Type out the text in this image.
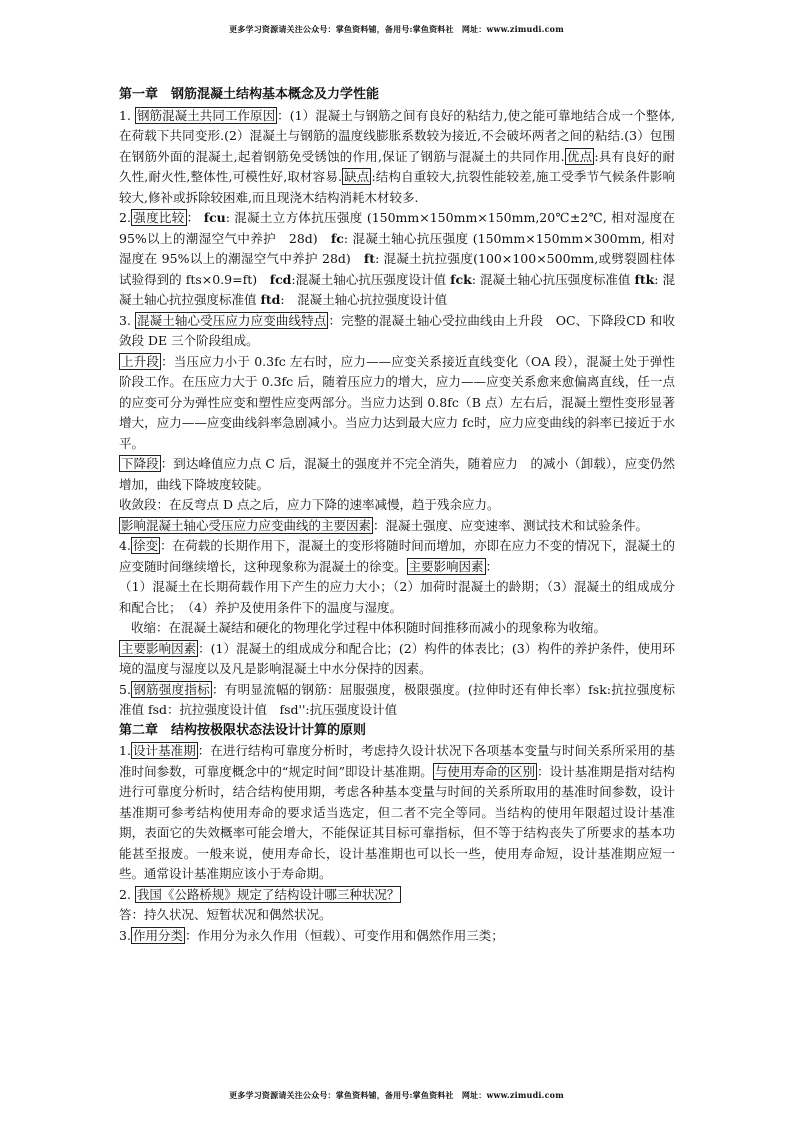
更多学习资源请关注公众号：掌鱼资料铺，备用号:掌鱼资料社　网址：www.zimudi.com

第一章　钢筋混凝土结构基本概念及力学性能

1. 钢筋混凝土共同工作原因 ：(1）混凝土与钢筋之间有良好的粘结力,使之能可靠地结合成一个整体,在荷载下共同变形.(2）混凝土与钢筋的温度线膨胀系数较为接近,不会破坏两者之间的粘结.(3）包围在钢筋外面的混凝土,起着钢筋免受锈蚀的作用,保证了钢筋与混凝土的共同作用. 优点 :具有良好的耐久性,耐火性,整体性,可模性好,取材容易. 缺点 :结构自重较大,抗裂性能较差,施工受季节气候条件影响较大,修补或拆除较困难,而且现浇木结构消耗木材较多.

2. 强度比较 ： fcu: 混凝土立方体抗压强度 (150mm×150mm×150mm,20℃±2℃, 相对湿度在95%以上的潮湿空气中养护　28d)　fc: 混凝土轴心抗压强度 (150mm×150mm×300mm, 相对湿度在 95%以上的潮湿空气中养护 28d)　ft: 混凝土抗拉强度(100×100×500mm,或劈裂圆柱体试验得到的 fts×0.9=ft)　fcd:混凝土轴心抗压强度设计值 fck: 混凝土轴心抗压强度标准值 ftk: 混凝土轴心抗拉强度标准值 ftd:　混凝土轴心抗拉强度设计值

3. 混凝土轴心受压应力应变曲线特点 ：完整的混凝土轴心受拉曲线由上升段　OC、下降段CD 和收敛段 DE 三个阶段组成。

上升段 ：当压应力小于 0.3fc 左右时，应力——应变关系接近直线变化（OA 段），混凝土处于弹性阶段工作。在压应力大于 0.3fc 后，随着压应力的增大，应力——应变关系愈来愈偏离直线，任一点的应变可分为弹性应变和塑性应变两部分。当应力达到 0.8fc（B 点）左右后，混凝土塑性变形显著增大，应力——应变曲线斜率急剧减小。当应力达到最大应力 fc时，应力应变曲线的斜率已接近于水平。

下降段 ：到达峰值应力点 C 后，混凝土的强度并不完全消失，随着应力　的减小（卸载），应变仍然增加，曲线下降坡度较陡。

收敛段：在反弯点 D 点之后，应力下降的速率减慢，趋于残余应力。

影响混凝土轴心受压应力应变曲线的主要因素 ：混凝土强度、应变速率、测试技术和试验条件。

4. 徐变 ：在荷载的长期作用下，混凝土的变形将随时间而增加，亦即在应力不变的情况下，混凝土的应变随时间继续增长，这种现象称为混凝土的徐变。 主要影响因素 ：

（1）混凝土在长期荷载作用下产生的应力大小；（2）加荷时混凝土的龄期；（3）混凝土的组成成分和配合比；　（4）养护及使用条件下的温度与湿度。

收缩：在混凝土凝结和硬化的物理化学过程中体积随时间推移而减小的现象称为收缩。

主要影响因素 ：(1）混凝土的组成成分和配合比；(2）构件的体表比；(3）构件的养护条件，使用环境的温度与湿度以及凡是影响混凝土中水分保持的因素。

5. 钢筋强度指标 ：有明显流幅的钢筋：屈服强度，极限强度。(拉伸时还有伸长率）fsk:抗拉强度标准值 fsd：抗拉强度设计值　fsd'':抗压强度设计值

第二章　结构按极限状态法设计计算的原则

1. 设计基准期 ：在进行结构可靠度分析时，考虑持久设计状况下各项基本变量与时间关系所采用的基准时间参数，可靠度概念中的“规定时间”即设计基准期。 与使用寿命的区别 ：设计基准期是指对结构进行可靠度分析时，结合结构使用期，考虑各种基本变量与时间的关系所取用的基准时间参数，设计基准期可参考结构使用寿命的要求适当选定，但二者不完全等同。当结构的使用年限超过设计基准期，表面它的失效概率可能会增大，不能保证其目标可靠指标，但不等于结构丧失了所要求的基本功能甚至报废。一般来说，使用寿命长，设计基准期也可以长一些，使用寿命短，设计基准期应短一些。通常设计基准期应该小于寿命期。

2. 我国《公路桥规》规定了结构设计哪三种状况？

答：持久状况、短暂状况和偶然状况。

3. 作用分类 ：作用分为永久作用（恒载）、可变作用和偶然作用三类；

更多学习资源请关注公众号：掌鱼资料铺，备用号:掌鱼资料社　网址：www.zimudi.com
